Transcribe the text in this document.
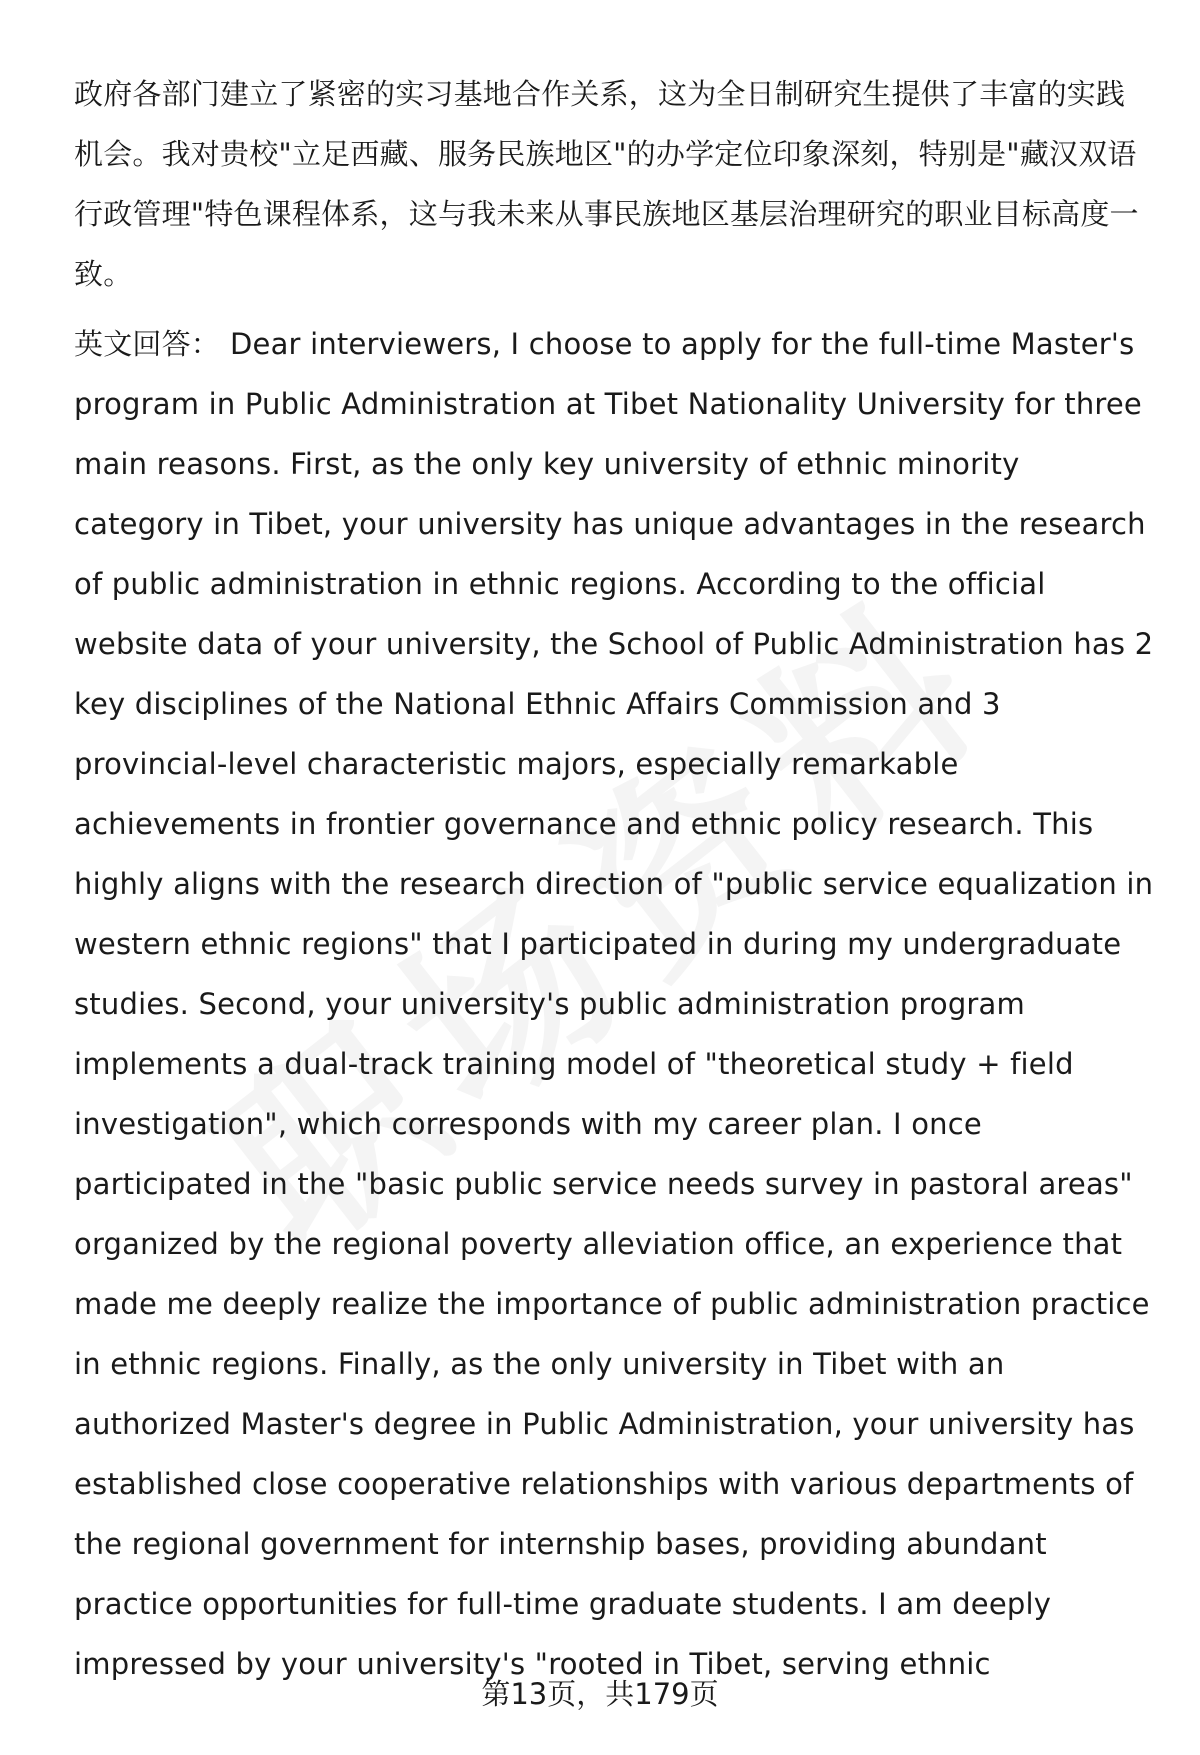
政府各部门建立了紧密的实习基地合作关系，这为全日制研究生提供了丰富的实践机会。我对贵校"立足西藏、服务民族地区"的办学定位印象深刻，特别是"藏汉双语行政管理"特色课程体系，这与我未来从事民族地区基层治理研究的职业目标高度一致。

英文回答： Dear interviewers, I choose to apply for the full-time Master's program in Public Administration at Tibet Nationality University for three main reasons. First, as the only key university of ethnic minority category in Tibet, your university has unique advantages in the research of public administration in ethnic regions. According to the official website data of your university, the School of Public Administration has 2 key disciplines of the National Ethnic Affairs Commission and 3 provincial-level characteristic majors, especially remarkable achievements in frontier governance and ethnic policy research. This highly aligns with the research direction of "public service equalization in western ethnic regions" that I participated in during my undergraduate studies. Second, your university's public administration program implements a dual-track training model of "theoretical study + field investigation", which corresponds with my career plan. I once participated in the "basic public service needs survey in pastoral areas" organized by the regional poverty alleviation office, an experience that made me deeply realize the importance of public administration practice in ethnic regions. Finally, as the only university in Tibet with an authorized Master's degree in Public Administration, your university has established close cooperative relationships with various departments of the regional government for internship bases, providing abundant practice opportunities for full-time graduate students. I am deeply impressed by your university's "rooted in Tibet, serving ethnic

第13页，共179页
